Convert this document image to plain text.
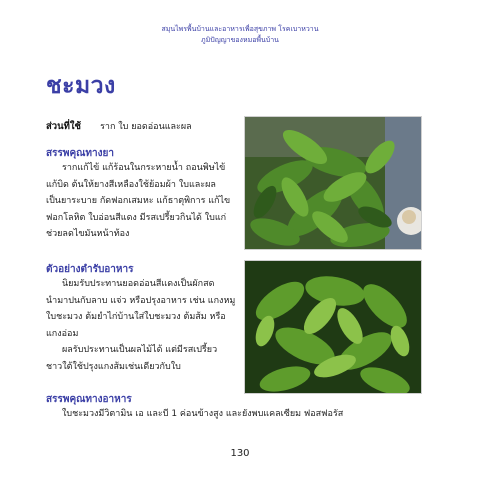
สมุนไพรพื้นบ้านและอาหารเพื่อสุขภาพ โรคเบาหวาน
ภูมิปัญญาของหมอพื้นบ้าน
ชะมวง
ส่วนที่ใช้ ราก ใบ ยอดอ่อนและผล
สรรพคุณทางยา
รากแก้ไข้ แก้ร้อนในกระหายน้ำ ถอนพิษไข้
แก้บิด ต้นให้ยางสีเหลืองใช้ย้อมผ้า ใบและผล
เป็นยาระบาย กัดฟอกเสมหะ แก้ธาตุพิการ แก้ไข
ฟอกโลหิต ใบอ่อนสีแดง มีรสเปรี้ยวกินได้ ใบแก่
ช่วยลดไขมันหน้าท้อง
ตัวอย่างตำรับอาหาร
นิยมรับประทานยอดอ่อนสีแดงเป็นผักสด
นำมาปนกับลาบ แจ่ว หรือปรุงอาหาร เช่น แกงหมู
ใบชะมวง ต้มยำไก่บ้านใส่ใบชะมวง ต้มส้ม หรือ
แกงอ่อม
ผลรับประทานเป็นผลไม้ได้ แต่มีรสเปรี้ยว
ชาวใต้ใช้ปรุงแกงส้มเช่นเดียวกับใบ
สรรพคุณทางอาหาร
ใบชะมวงมีวิตามิน เอ และบี 1 ค่อนข้างสูง และยังพบแคลเซียม ฟอสฟอรัส
130
